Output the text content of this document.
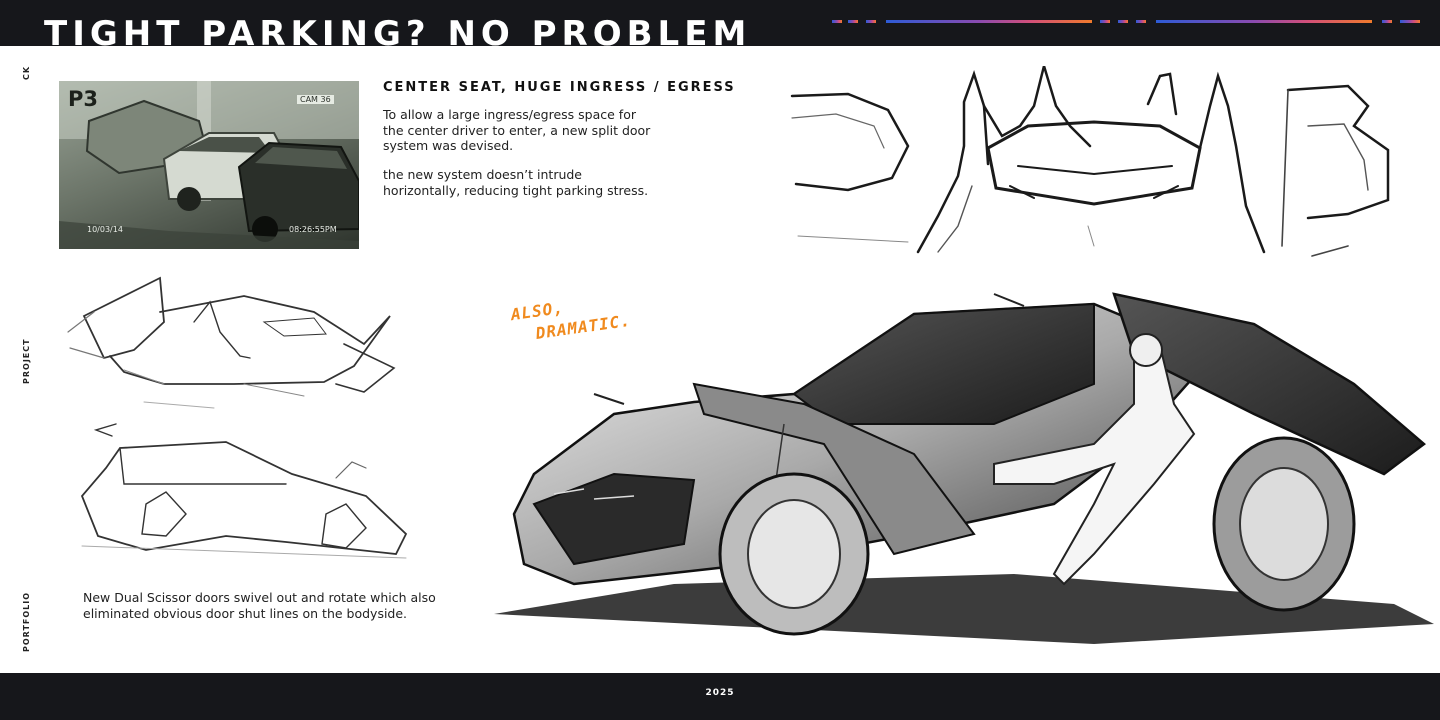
TIGHT PARKING? NO PROBLEM
CK
PROJECT
PORTFOLIO
P3	CAM 36
10/03/14	08:26:55PM
CENTER SEAT, HUGE INGRESS / EGRESS
To allow a large ingress/egress space for the center driver to enter, a new split door system was devised.
the new system doesn’t intrude horizontally, reducing tight parking stress.
ALSO,
DRAMATIC.
New Dual Scissor doors swivel out and rotate which also eliminated obvious door shut lines on the bodyside.
2025
